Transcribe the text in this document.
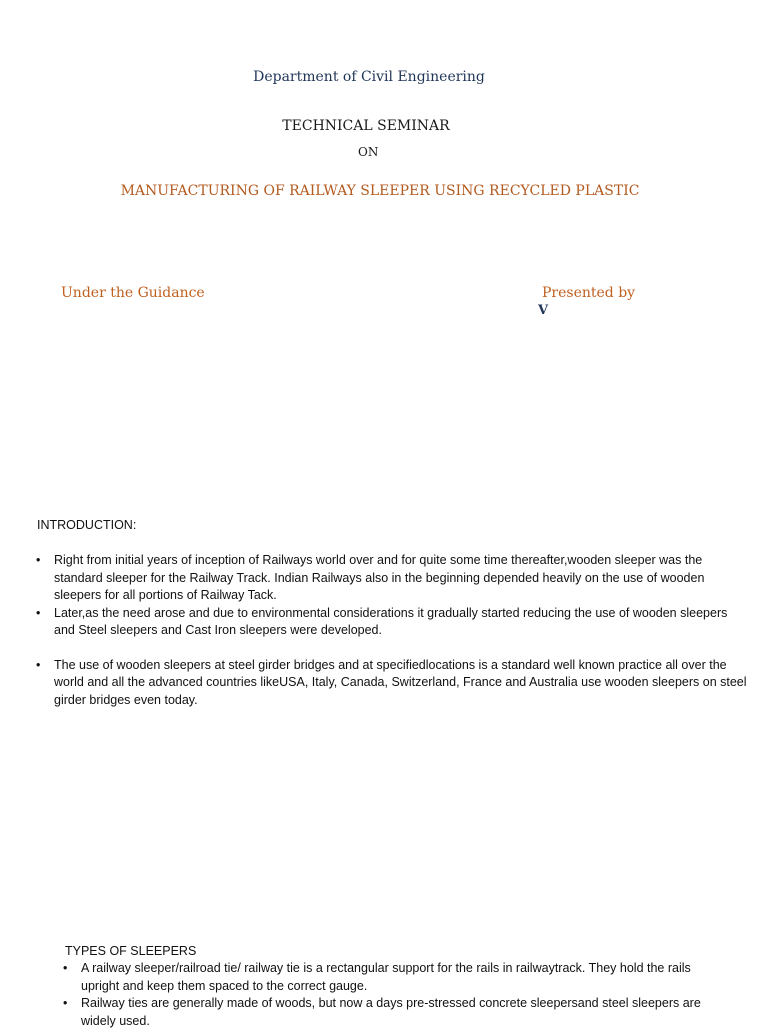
Department of Civil Engineering
TECHNICAL SEMINAR
ON
MANUFACTURING OF RAILWAY SLEEPER USING RECYCLED PLASTIC
Under the Guidance	Presented by
V
INTRODUCTION:
• Right from initial years of inception of Railways world over and for quite some time thereafter,wooden sleeper was the standard sleeper for the Railway Track. Indian Railways also in the beginning depended heavily on the use of wooden sleepers for all portions of Railway Tack.
• Later,as the need arose and due to environmental considerations it gradually started reducing the use of wooden sleepers and Steel sleepers and Cast Iron sleepers were developed.
• The use of wooden sleepers at steel girder bridges and at specifiedlocations is a standard well known practice all over the world and all the advanced countries likeUSA, Italy, Canada, Switzerland, France and Australia use wooden sleepers on steel girder bridges even today.
TYPES OF SLEEPERS
• A railway sleeper/railroad tie/ railway tie is a rectangular support for the rails in railwaytrack. They hold the rails upright and keep them spaced to the correct gauge.
• Railway ties are generally made of woods, but now a days pre-stressed concrete sleepersand steel sleepers are widely used.
